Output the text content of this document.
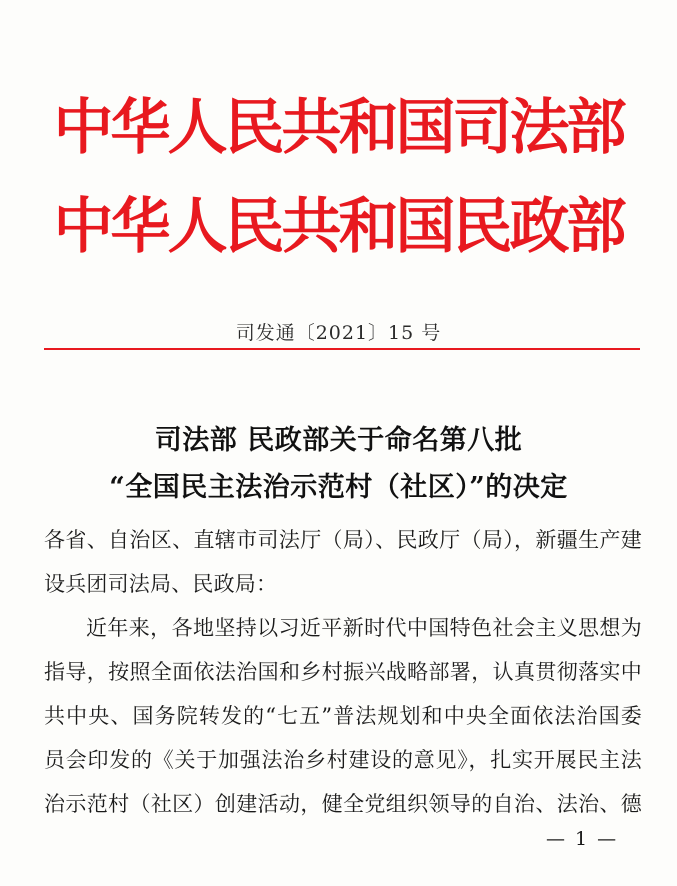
中华人民共和国司法部
中华人民共和国民政部
司发通〔2021〕15 号
司法部 民政部关于命名第八批
“全国民主法治示范村（社区）”的决定
各省、自治区、直辖市司法厅（局）、民政厅（局），新疆生产建
设兵团司法局、民政局：
近年来，各地坚持以习近平新时代中国特色社会主义思想为
指导，按照全面依法治国和乡村振兴战略部署，认真贯彻落实中
共中央、国务院转发的“七五”普法规划和中央全面依法治国委
员会印发的《关于加强法治乡村建设的意见》，扎实开展民主法
治示范村（社区）创建活动，健全党组织领导的自治、法治、德
— 1 —
